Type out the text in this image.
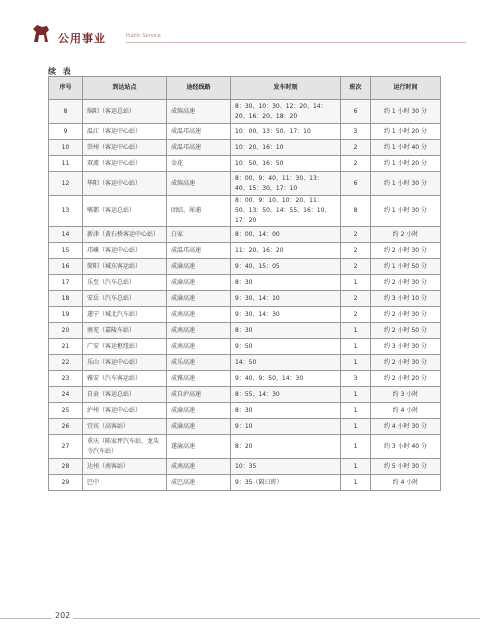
公用事业	Public Service
续 表
序号	到达站点	途经线路	发车时刻	班次	运行时间
8	绵阳（客运总站）	成绵高速	8：30、10：30、12：20、14：20、16：20、18：20	6	约 1 小时 30 分
9	温江（客运中心站）	成温邛高速	10：00、13：50、17：10	3	约 1 小时 20 分
10	崇州（客运中心站）	成温邛高速	10：20、16：10	2	约 1 小时 40 分
11	双流（客运中心站）	金花	10：50、16：50	2	约 1 小时 20 分
12	华阳（客运中心站）	成绵高速	8：00、9：40、11：30、13：40、15：30、17：10	6	约 1 小时 30 分
13	郫都（客运总站）	团结、犀浦	8：00、9：10、10：20、11：50、13：50、14：55、16：10、17：20	8	约 1 小时 30 分
14	新津（黄石桥客运中心站）	白家	8：00、14：00	2	约 2 小时
15	邛崃（客运中心站）	成温邛高速	11：20、16：20	2	约 2 小时 30 分
16	简阳（城东客运站）	成渝高速	9：40、15：05	2	约 1 小时 50 分
17	乐至（汽车总站）	成渝高速	8：30	1	约 2 小时 30 分
18	安岳（汽车总站）	成渝高速	9：30、14：10	2	约 3 小时 10 分
19	遂宁（城北汽车站）	成南高速	9：30、14：30	2	约 2 小时 30 分
20	南充（嘉陵车站）	成南高速	8：30	1	约 2 小时 50 分
21	广安（客运枢纽站）	成南高速	9：50	1	约 3 小时 30 分
22	乐山（客运中心站）	成乐高速	14：50	1	约 2 小时 30 分
23	雅安（汽车客运站）	成雅高速	9：40、9：50、14：30	3	约 2 小时 20 分
24	自贡（客运总站）	成自泸高速	8：55、14：30	1	约 3 小时
25	泸州（客运中心站）	成渝高速	8：30	1	约 4 小时
26	宜宾（高客站）	成渝高速	9：10	1	约 4 小时 30 分
27	重庆（陈家坪汽车站、龙头寺汽车站）	遂渝高速	8：20	1	约 3 小时 40 分
28	达州（南客站）	成南高速	10：35	1	约 5 小时 30 分
29	巴中	成巴高速	9：35（隔日班）	1	约 4 小时
202
